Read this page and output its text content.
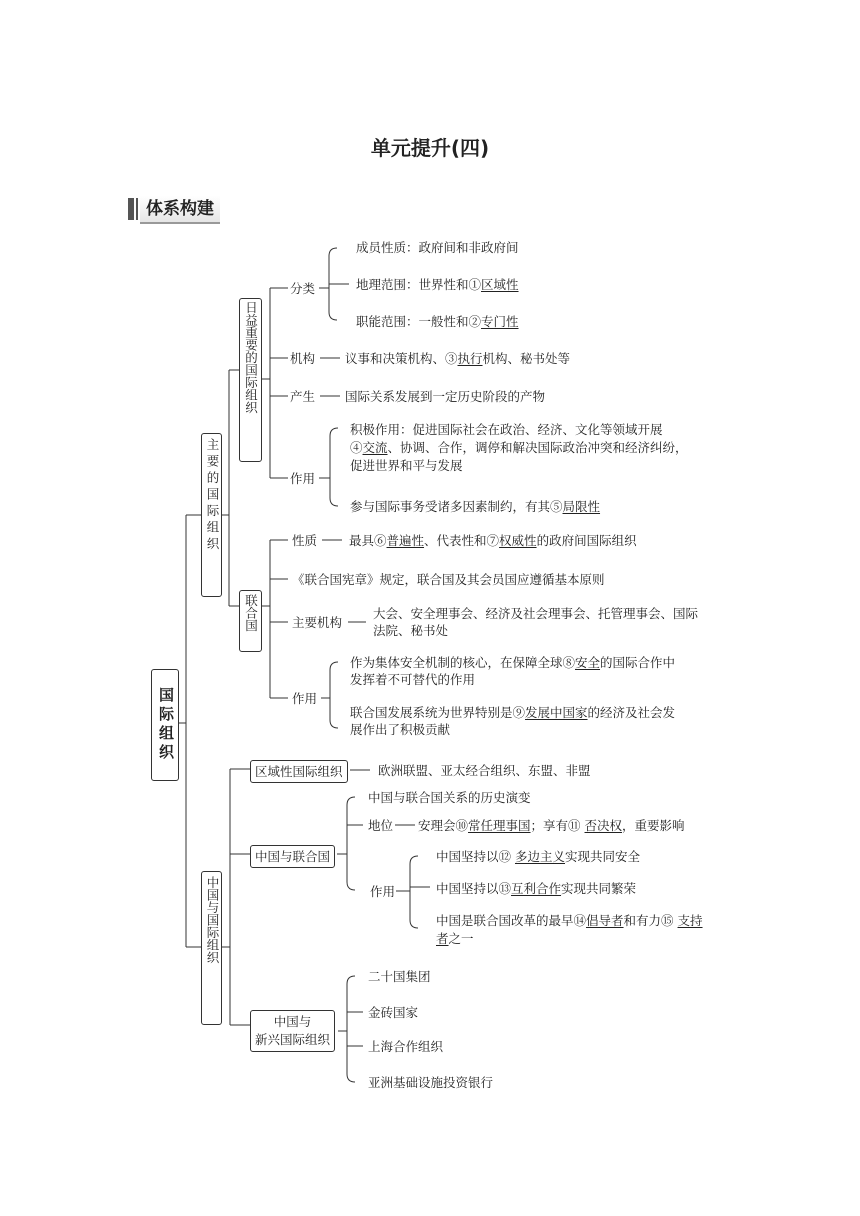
单元提升(四)
体系构建
国际组织
主要的国际组织
日益重要的国际组织
联合国
中国与国际组织
分类
成员性质：政府间和非政府间
地理范围：世界性和①区域性
职能范围：一般性和②专门性
机构 议事和决策机构、③执行机构、秘书处等
产生 国际关系发展到一定历史阶段的产物
作用
积极作用：促进国际社会在政治、经济、文化等领域开展
④交流、协调、合作，调停和解决国际政治冲突和经济纠纷，
促进世界和平与发展
参与国际事务受诸多因素制约，有其⑤局限性
性质	最具⑥普遍性、代表性和⑦权威性的政府间国际组织
《联合国宪章》规定，联合国及其会员国应遵循基本原则
主要机构
大会、安全理事会、经济及社会理事会、托管理事会、国际法院、秘书处
作用
作为集体安全机制的核心，在保障全球⑧安全的国际合作中发挥着不可替代的作用
联合国发展系统为世界特别是⑨发展中国家的经济及社会发展作出了积极贡献
区域性国际组织	欧洲联盟、亚太经合组织、东盟、非盟
中国与联合国
中国与联合国关系的历史演变
地位 安理会⑩常任理事国；享有⑪ 否决权，重要影响
作用
中国坚持以⑫ 多边主义实现共同安全
中国坚持以⑬互利合作实现共同繁荣
中国是联合国改革的最早⑭倡导者和有力⑮ 支持
者之一
中国与
新兴国际组织
二十国集团
金砖国家
上海合作组织
亚洲基础设施投资银行
